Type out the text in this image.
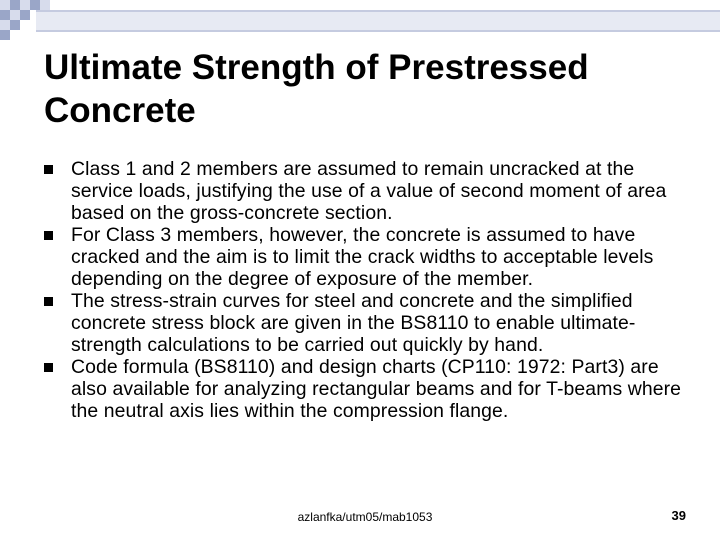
Ultimate Strength of Prestressed Concrete
Class 1 and 2 members are assumed to remain uncracked at the service loads, justifying the use of a value of second moment of area based on the gross-concrete section.
For Class 3 members, however, the concrete is assumed to have cracked and the aim is to limit the crack widths to acceptable levels depending on the degree of exposure of the member.
The stress-strain curves for steel and concrete and the simplified concrete stress block are given in the BS8110 to enable ultimate-strength calculations to be carried out quickly by hand.
Code formula (BS8110) and design charts (CP110: 1972: Part3) are also available for analyzing rectangular beams and for T-beams where the neutral axis lies within the compression flange.
azlanfka/utm05/mab1053	39
